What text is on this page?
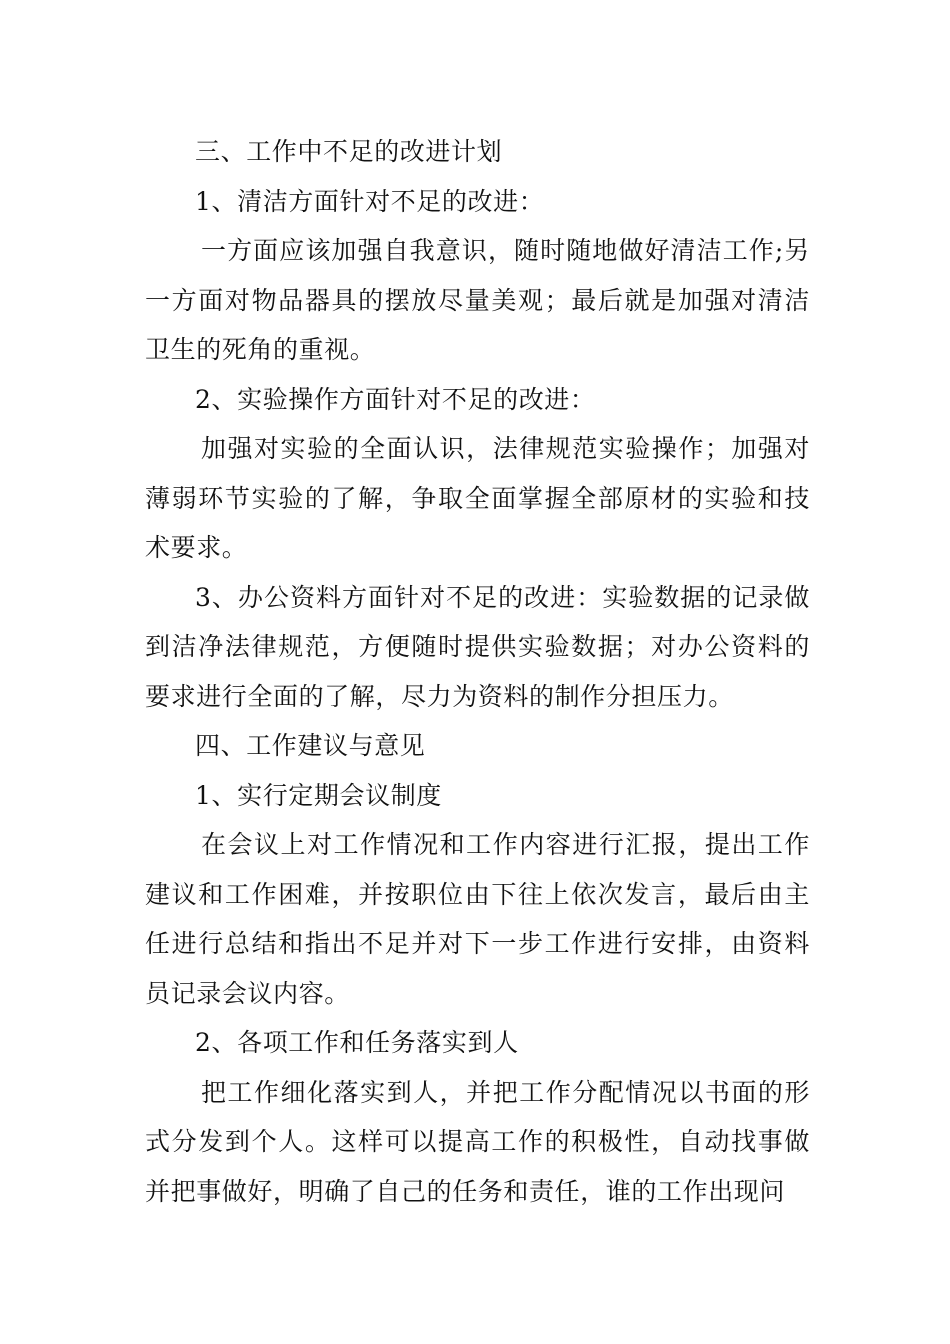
三、工作中不足的改进计划

1、清洁方面针对不足的改进：

一方面应该加强自我意识，随时随地做好清洁工作;另一方面对物品器具的摆放尽量美观；最后就是加强对清洁卫生的死角的重视。

2、实验操作方面针对不足的改进：

加强对实验的全面认识，法律规范实验操作；加强对薄弱环节实验的了解，争取全面掌握全部原材的实验和技术要求。

3、办公资料方面针对不足的改进：实验数据的记录做到洁净法律规范，方便随时提供实验数据；对办公资料的要求进行全面的了解，尽力为资料的制作分担压力。

四、工作建议与意见

1、实行定期会议制度

在会议上对工作情况和工作内容进行汇报，提出工作建议和工作困难，并按职位由下往上依次发言，最后由主任进行总结和指出不足并对下一步工作进行安排，由资料员记录会议内容。

2、各项工作和任务落实到人

把工作细化落实到人，并把工作分配情况以书面的形式分发到个人。这样可以提高工作的积极性，自动找事做并把事做好，明确了自己的任务和责任，谁的工作出现问
